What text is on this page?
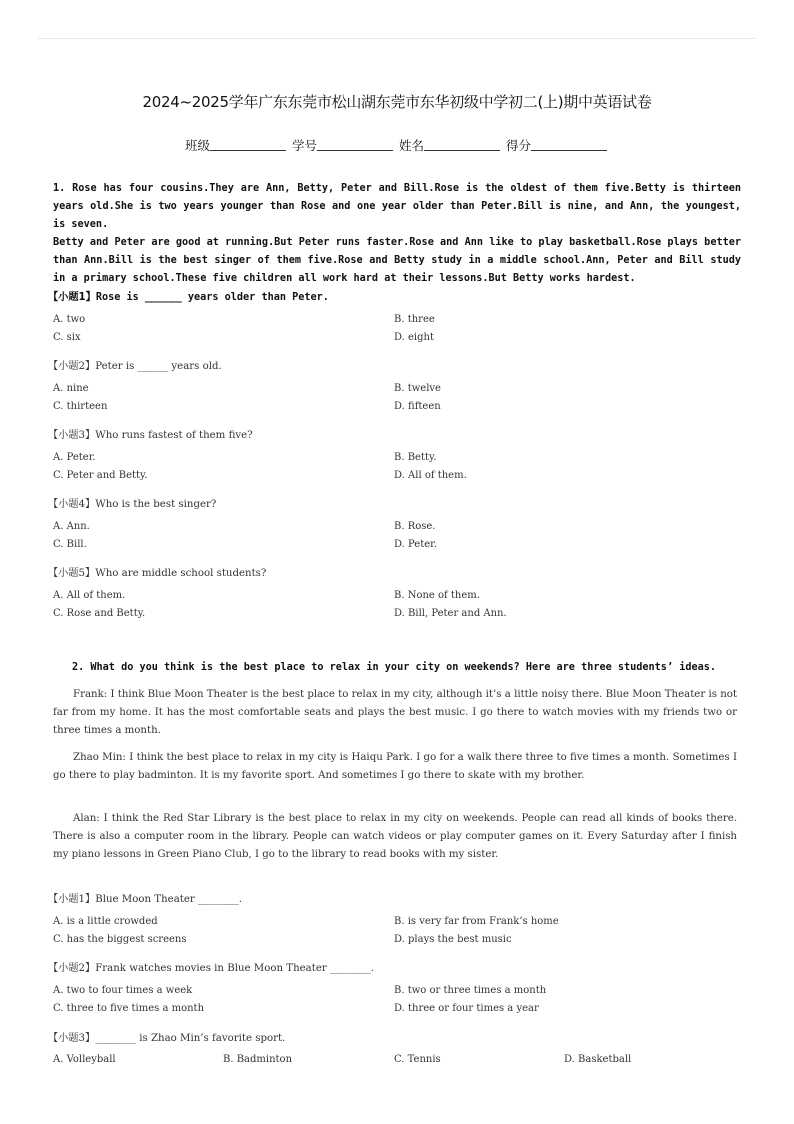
2024~2025学年广东东莞市松山湖东莞市东华初级中学初二(上)期中英语试卷
班级	学号	姓名	得分

1. Rose has four cousins.They are Ann, Betty, Peter and Bill.Rose is the oldest of them five.Betty is thirteen years old.She is two years younger than Rose and one year older than Peter.Bill is nine, and Ann, the youngest, is seven.

Betty and Peter are good at running.But Peter runs faster.Rose and Ann like to play basketball.Rose plays better than Ann.Bill is the best singer of them five.Rose and Betty study in a middle school.Ann, Peter and Bill study in a primary school.These five children all work hard at their lessons.But Betty works hardest.

【小题1】Rose is ______ years older than Peter.
A. two	B. three
C. six	D. eight
【小题2】Peter is ______ years old.
A. nine	B. twelve
C. thirteen	D. fifteen
【小题3】Who runs fastest of them five?
A. Peter.	B. Betty.
C. Peter and Betty.	D. All of them.
【小题4】Who is the best singer?
A. Ann.	B. Rose.
C. Bill.	D. Peter.
【小题5】Who are middle school students?
A. All of them.	B. None of them.
C. Rose and Betty.	D. Bill, Peter and Ann.
2. What do you think is the best place to relax in your city on weekends? Here are three students’ ideas.

Frank: I think Blue Moon Theater is the best place to relax in my city, although it’s a little noisy there. Blue Moon Theater is not far from my home. It has the most comfortable seats and plays the best music. I go there to watch movies with my friends two or three times a month.

Zhao Min: I think the best place to relax in my city is Haiqu Park. I go for a walk there three to five times a month. Sometimes I go there to play badminton. It is my favorite sport. And sometimes I go there to skate with my brother.

Alan: I think the Red Star Library is the best place to relax in my city on weekends. People can read all kinds of books there. There is also a computer room in the library. People can watch videos or play computer games on it. Every Saturday after I finish my piano lessons in Green Piano Club, I go to the library to read books with my sister.

【小题1】Blue Moon Theater ________.
A. is a little crowded	B. is very far from Frank’s home
C. has the biggest screens	D. plays the best music
【小题2】Frank watches movies in Blue Moon Theater ________.
A. two to four times a week	B. two or three times a month
C. three to five times a month	D. three or four times a year
【小题3】________ is Zhao Min’s favorite sport.
A. Volleyball	B. Badminton	C. Tennis	D. Basketball
